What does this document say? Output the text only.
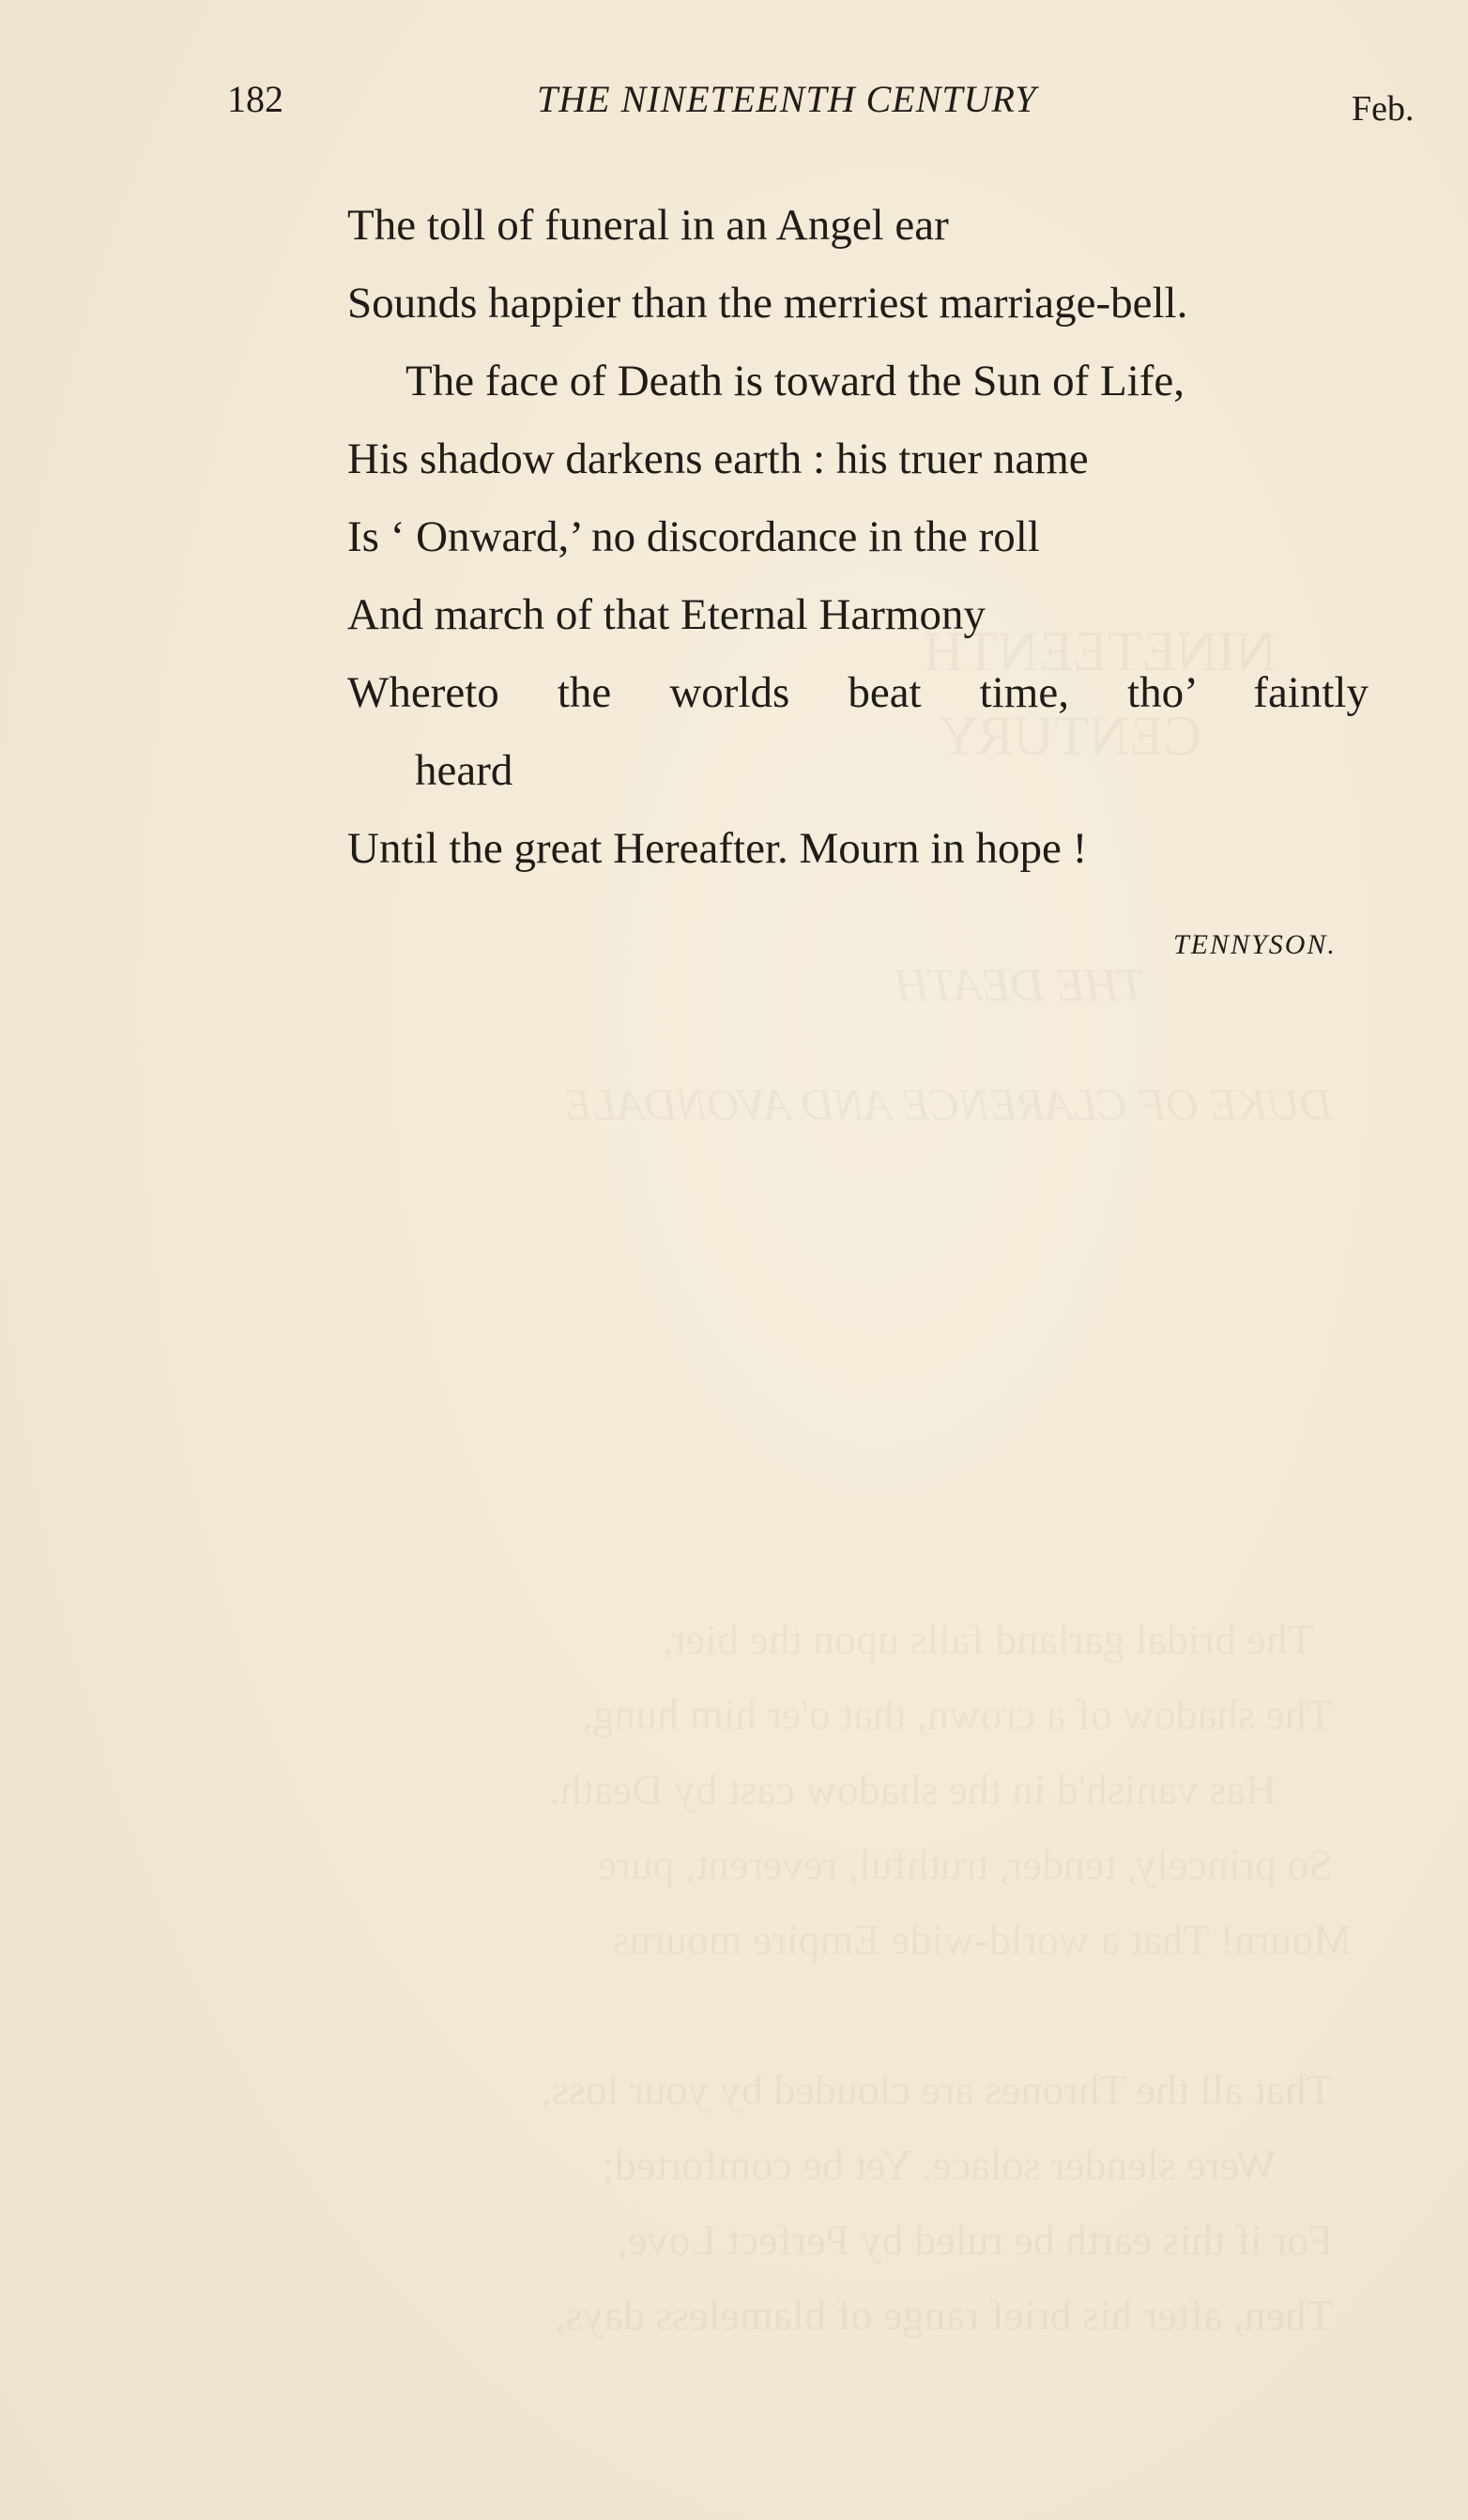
182	THE NINETEENTH CENTURY	Feb.
The toll of funeral in an Angel ear
Sounds happier than the merriest marriage-bell.
The face of Death is toward the Sun of Life,
His shadow darkens earth : his truer name
Is ‘ Onward,’ no discordance in the roll
And march of that Eternal Harmony
Whereto the worlds beat time, tho’ faintly
heard
Until the great Hereafter. Mourn in hope !
TENNYSON.
